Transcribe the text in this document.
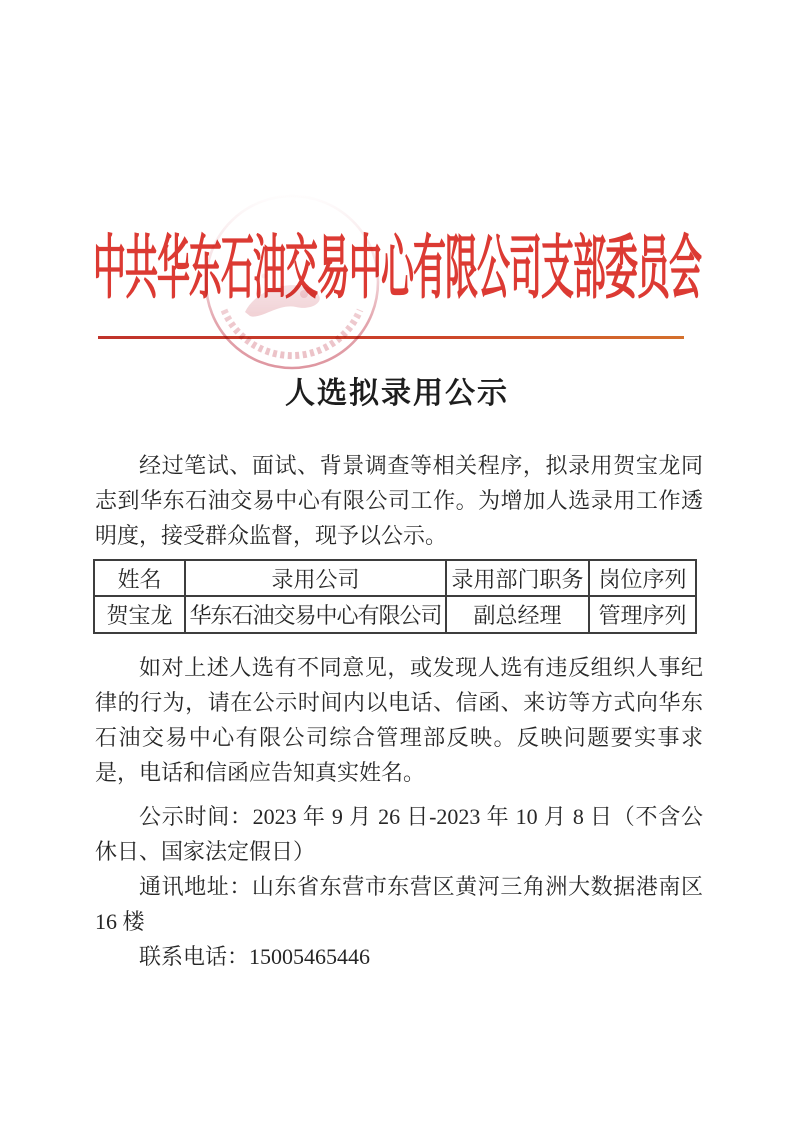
中共华东石油交易中心有限公司支部委员会
人选拟录用公示

经过笔试、面试、背景调查等相关程序，拟录用贺宝龙同志到华东石油交易中心有限公司工作。为增加人选录用工作透明度，接受群众监督，现予以公示。

姓名	录用公司	录用部门职务	岗位序列
贺宝龙	华东石油交易中心有限公司	副总经理	管理序列

如对上述人选有不同意见，或发现人选有违反组织人事纪律的行为，请在公示时间内以电话、信函、来访等方式向华东石油交易中心有限公司综合管理部反映。反映问题要实事求是，电话和信函应告知真实姓名。

公示时间：2023 年 9 月 26 日-2023 年 10 月 8 日（不含公休日、国家法定假日）

通讯地址：山东省东营市东营区黄河三角洲大数据港南区 16 楼

联系电话：15005465446
